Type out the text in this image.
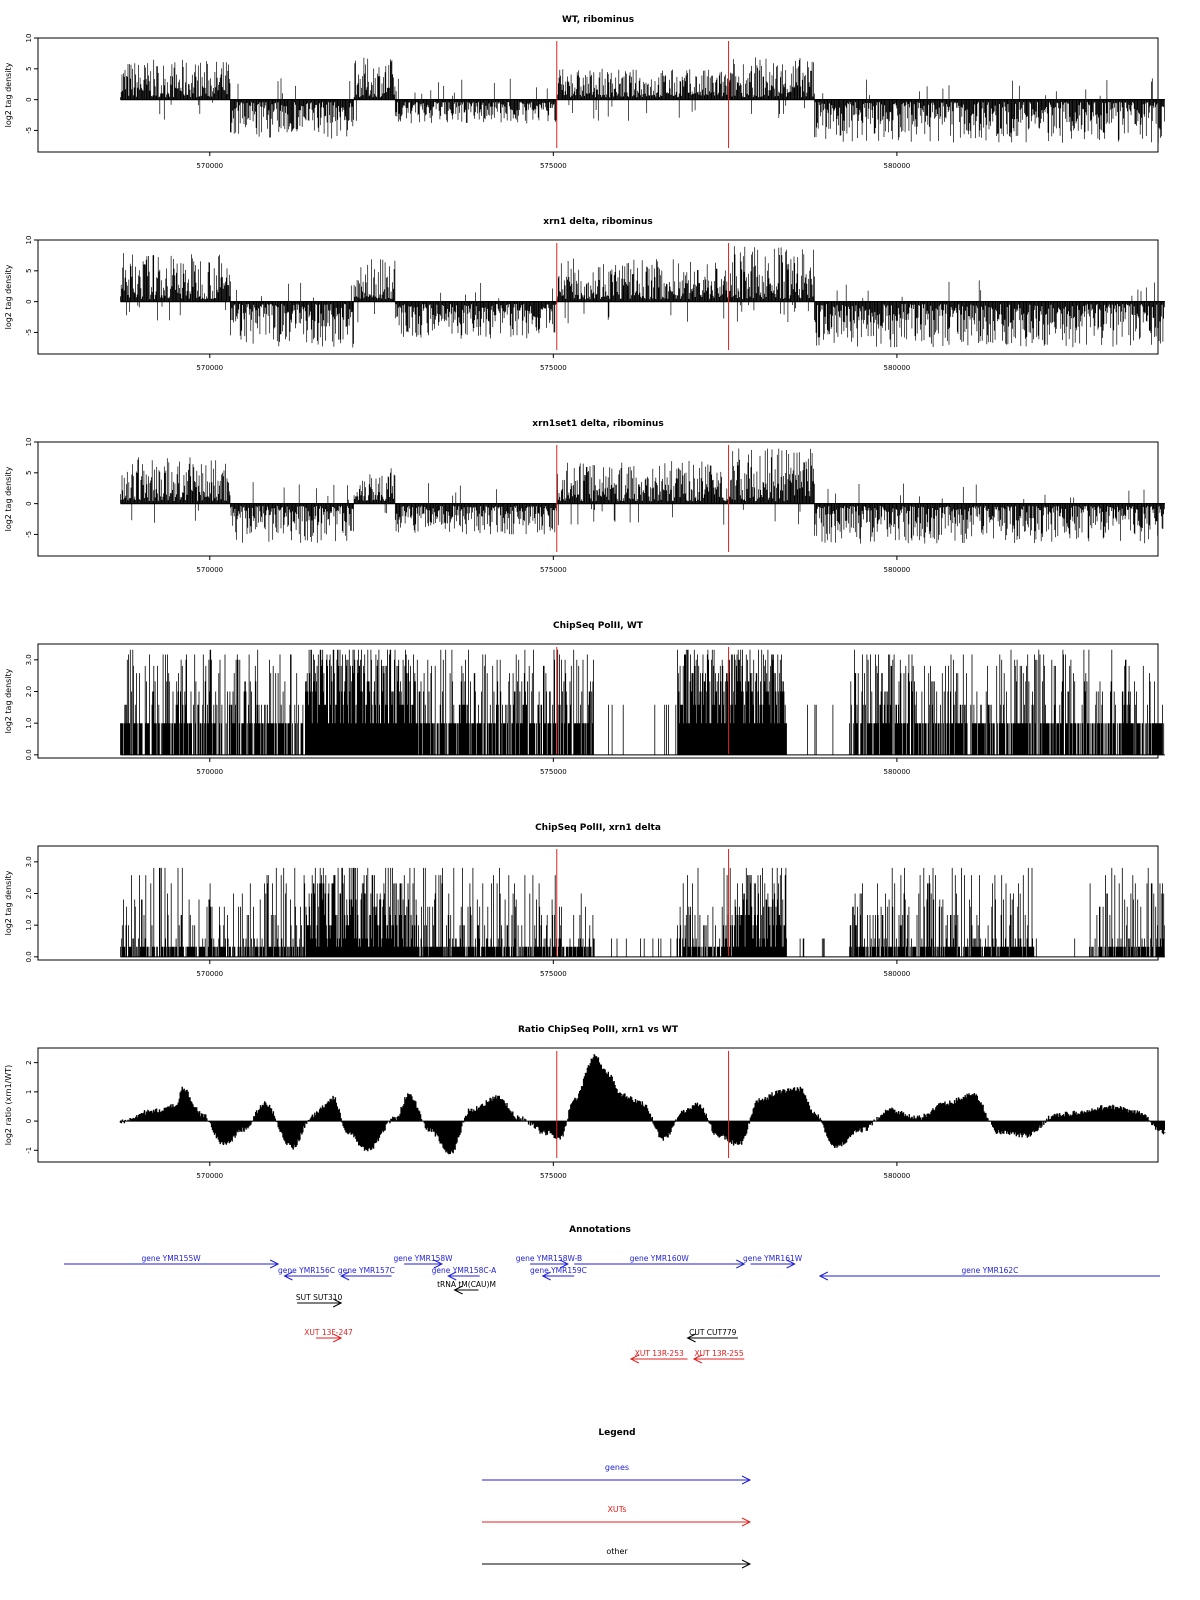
WT, ribominus
log2 tag density
-5
0
5
10
570000	575000	580000
xrn1 delta, ribominus
log2 tag density
-5
0
5
10
570000	575000	580000
xrn1set1 delta, ribominus
log2 tag density
-5
0
5
10
570000	575000	580000
ChipSeq PolII, WT
log2 tag density
0.0
1.0
2.0
3.0
570000	575000	580000
ChipSeq PolII, xrn1 delta
log2 tag density
0.0
1.0
2.0
3.0
570000	575000	580000
Ratio ChipSeq PolII, xrn1 vs WT
log2 ratio (xrn1/WT)
-1
0
1
2
570000	575000	580000
Annotations
gene YMR155W
gene YMR156C gene YMR157C
gene YMR158W
gene YMR158C-A
gene YMR158W-B
gene YMR159C
gene YMR160W	gene YMR161W
gene YMR162C
tRNA tM(CAU)M
SUT SUT310
XUT 13F-247	CUT CUT779
XUT 13R-253 XUT 13R-255
Legend
genes
XUTs
other
